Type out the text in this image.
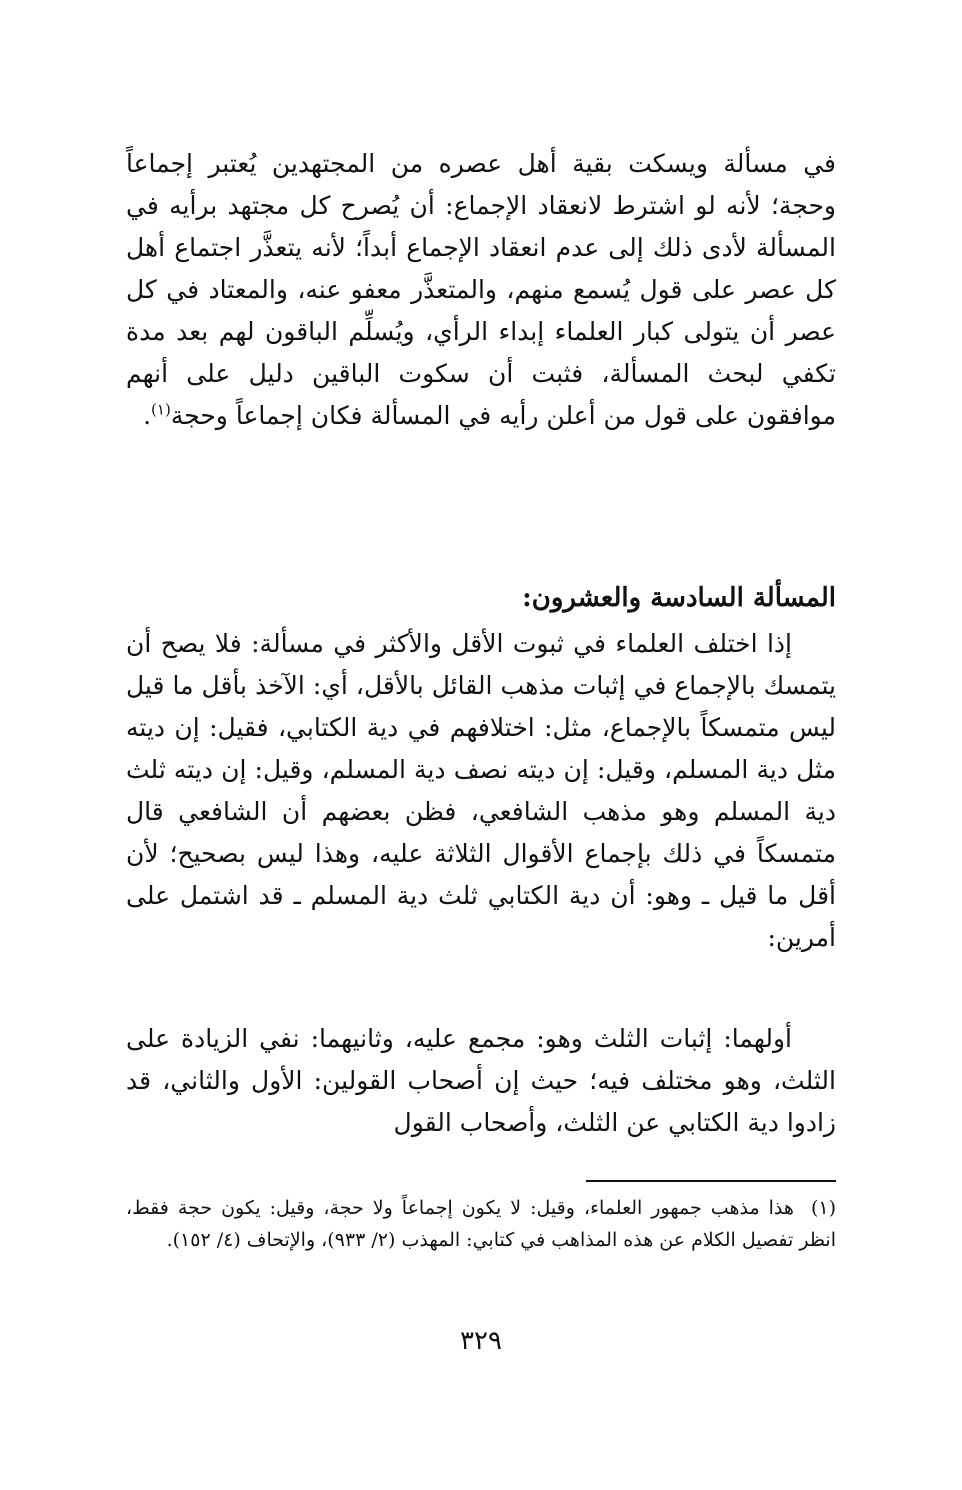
في مسألة ويسكت بقية أهل عصره من المجتهدين يُعتبر إجماعاً وحجة؛ لأنه لو اشترط لانعقاد الإجماع: أن يُصرح كل مجتهد برأيه في المسألة لأدى ذلك إلى عدم انعقاد الإجماع أبداً؛ لأنه يتعذَّر اجتماع أهل كل عصر على قول يُسمع منهم، والمتعذَّر معفو عنه، والمعتاد في كل عصر أن يتولى كبار العلماء إبداء الرأي، ويُسلِّم الباقون لهم بعد مدة تكفي لبحث المسألة، فثبت أن سكوت الباقين دليل على أنهم موافقون على قول من أعلن رأيه في المسألة فكان إجماعاً وحجة$^{(١)}$.

المسألة السادسة والعشرون:

إذا اختلف العلماء في ثبوت الأقل والأكثر في مسألة: فلا يصح أن يتمسك بالإجماع في إثبات مذهب القائل بالأقل، أي: الآخذ بأقل ما قيل ليس متمسكاً بالإجماع، مثل: اختلافهم في دية الكتابي، فقيل: إن ديته مثل دية المسلم، وقيل: إن ديته نصف دية المسلم، وقيل: إن ديته ثلث دية المسلم وهو مذهب الشافعي، فظن بعضهم أن الشافعي قال متمسكاً في ذلك بإجماع الأقوال الثلاثة عليه، وهذا ليس بصحيح؛ لأن أقل ما قيل ـ وهو: أن دية الكتابي ثلث دية المسلم ـ قد اشتمل على أمرين:

أولهما: إثبات الثلث وهو: مجمع عليه، وثانيهما: نفي الزيادة على الثلث، وهو مختلف فيه؛ حيث إن أصحاب القولين: الأول والثاني، قد زادوا دية الكتابي عن الثلث، وأصحاب القول

(١) هذا مذهب جمهور العلماء، وقيل: لا يكون إجماعاً ولا حجة، وقيل: يكون حجة فقط، انظر تفصيل الكلام عن هذه المذاهب في كتابي: المهذب (٢/ ٩٣٣)، والإتحاف (٤/ ١٥٢).
٣٢٩
